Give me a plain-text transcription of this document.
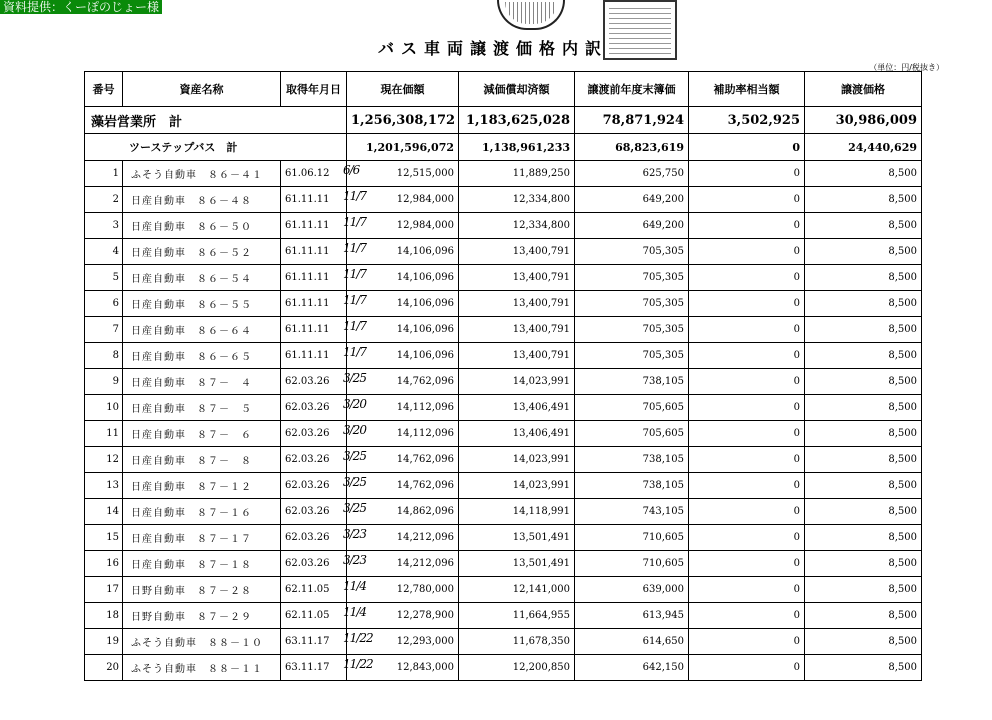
資料提供：くーぽのじょー様
バス車両譲渡価格内訳
（単位：円/税抜き）
番号	資産名称	取得年月日	現在価額	減価償却済額	譲渡前年度末簿価	補助率相当額	譲渡価格
藻岩営業所　計			1,256,308,172	1,183,625,028	78,871,924	3,502,925	30,986,009
ツーステップバス　計			1,201,596,072	1,138,961,233	68,823,619	0	24,440,629
1	ふそう自動車　８６－４１	61.06.12 6/6	12,515,000	11,889,250	625,750	0	8,500
2	日産自動車　８６－４８	61.11.11 11/7	12,984,000	12,334,800	649,200	0	8,500
3	日産自動車　８６－５０	61.11.11 11/7	12,984,000	12,334,800	649,200	0	8,500
4	日産自動車　８６－５２	61.11.11 11/7	14,106,096	13,400,791	705,305	0	8,500
5	日産自動車　８６－５４	61.11.11 11/7	14,106,096	13,400,791	705,305	0	8,500
6	日産自動車　８６－５５	61.11.11 11/7	14,106,096	13,400,791	705,305	0	8,500
7	日産自動車　８６－６４	61.11.11 11/7	14,106,096	13,400,791	705,305	0	8,500
8	日産自動車　８６－６５	61.11.11 11/7	14,106,096	13,400,791	705,305	0	8,500
9	日産自動車　８７－　４	62.03.26 3/25	14,762,096	14,023,991	738,105	0	8,500
10	日産自動車　８７－　５	62.03.26 3/20	14,112,096	13,406,491	705,605	0	8,500
11	日産自動車　８７－　６	62.03.26 3/20	14,112,096	13,406,491	705,605	0	8,500
12	日産自動車　８７－　８	62.03.26 3/25	14,762,096	14,023,991	738,105	0	8,500
13	日産自動車　８７－１２	62.03.26 3/25	14,762,096	14,023,991	738,105	0	8,500
14	日産自動車　８７－１６	62.03.26 3/25	14,862,096	14,118,991	743,105	0	8,500
15	日産自動車　８７－１７	62.03.26 3/23	14,212,096	13,501,491	710,605	0	8,500
16	日産自動車　８７－１８	62.03.26 3/23	14,212,096	13,501,491	710,605	0	8,500
17	日野自動車　８７－２８	62.11.05 11/4	12,780,000	12,141,000	639,000	0	8,500
18	日野自動車　８７－２９	62.11.05 11/4	12,278,900	11,664,955	613,945	0	8,500
19	ふそう自動車　８８－１０	63.11.17 11/22	12,293,000	11,678,350	614,650	0	8,500
20	ふそう自動車　８８－１１	63.11.17 11/22	12,843,000	12,200,850	642,150	0	8,500
